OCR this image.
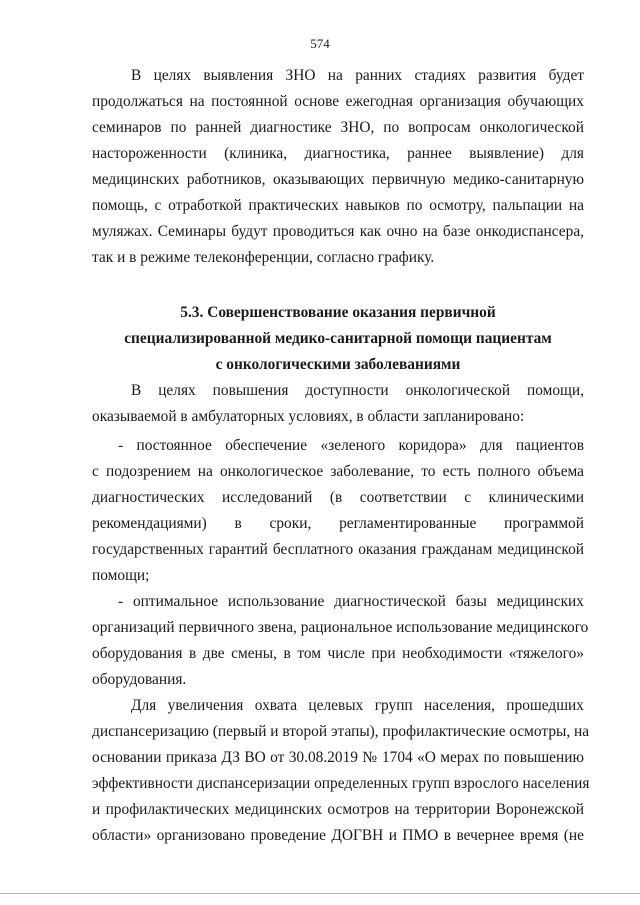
574
В целях выявления ЗНО на ранних стадиях развития будет
продолжаться на постоянной основе ежегодная организация обучающих
семинаров по ранней диагностике ЗНО, по вопросам онкологической
настороженности (клиника, диагностика, раннее выявление) для
медицинских работников, оказывающих первичную медико-санитарную
помощь, с отработкой практических навыков по осмотру, пальпации на
муляжах. Семинары будут проводиться как очно на базе онкодиспансера,
так и в режиме телеконференции, согласно графику.
5.3. Совершенствование оказания первичной
специализированной медико-санитарной помощи пациентам
с онкологическими заболеваниями
В целях повышения доступности онкологической помощи,
оказываемой в амбулаторных условиях, в области запланировано:
- постоянное обеспечение «зеленого коридора» для пациентов
с подозрением на онкологическое заболевание, то есть полного объема
диагностических исследований (в соответствии с клиническими
рекомендациями) в сроки, регламентированные программой
государственных гарантий бесплатного оказания гражданам медицинской
помощи;
- оптимальное использование диагностической базы медицинских
организаций первичного звена, рациональное использование медицинского
оборудования в две смены, в том числе при необходимости «тяжелого»
оборудования.
Для увеличения охвата целевых групп населения, прошедших
диспансеризацию (первый и второй этапы), профилактические осмотры, на
основании приказа ДЗ ВО от 30.08.2019 № 1704 «О мерах по повышению
эффективности диспансеризации определенных групп взрослого населения
и профилактических медицинских осмотров на территории Воронежской
области» организовано проведение ДОГВН и ПМО в вечернее время (не
